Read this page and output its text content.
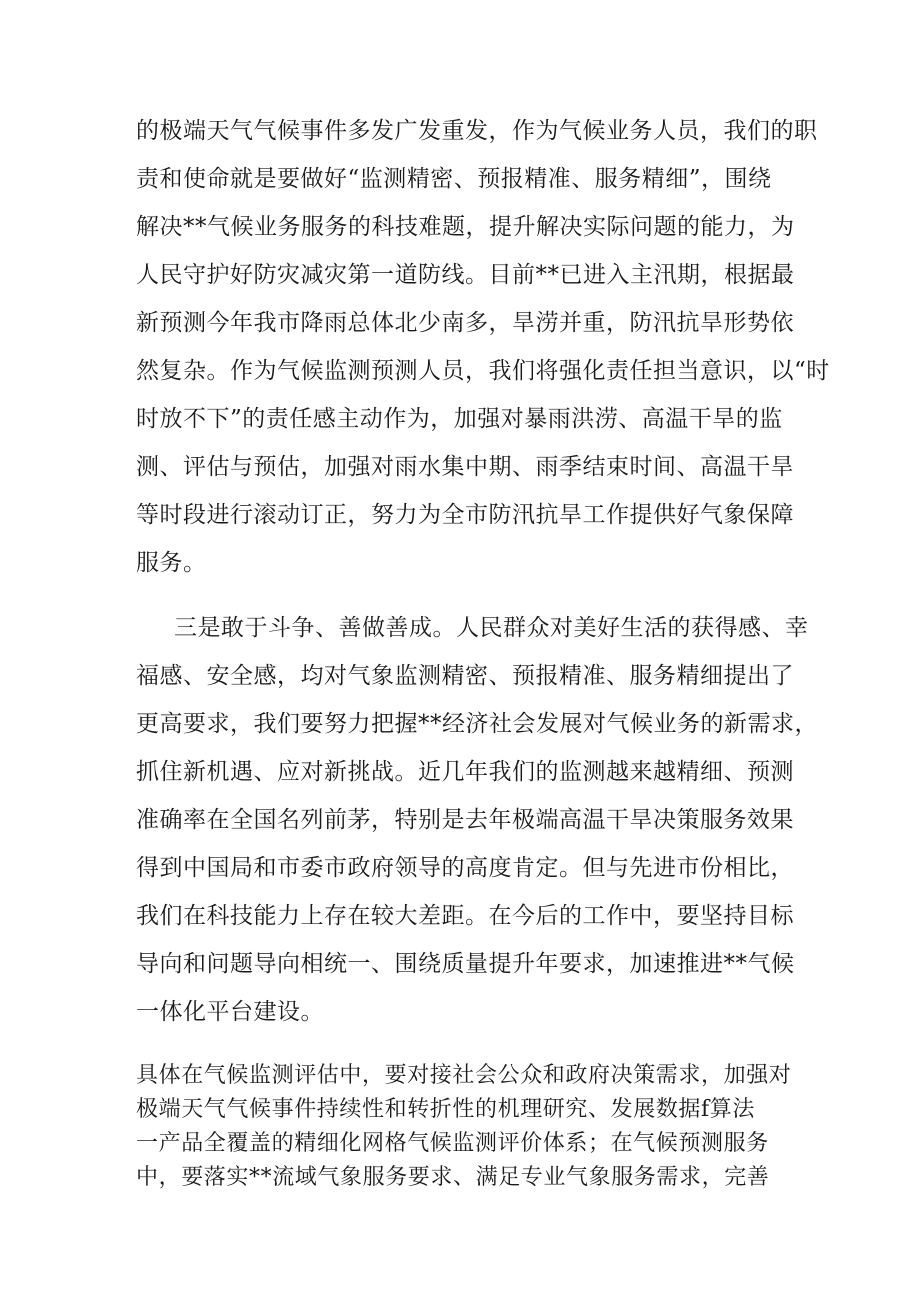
的极端天气气候事件多发广发重发，作为气候业务人员，我们的职

责和使命就是要做好“监测精密、预报精准、服务精细”，围绕

解决**气候业务服务的科技难题，提升解决实际问题的能力，为

人民守护好防灾减灾第一道防线。目前**已进入主汛期，根据最

新预测今年我市降雨总体北少南多，旱涝并重，防汛抗旱形势依

然复杂。作为气候监测预测人员，我们将强化责任担当意识，以“时

时放不下”的责任感主动作为，加强对暴雨洪涝、高温干旱的监

测、评估与预估，加强对雨水集中期、雨季结束时间、高温干旱

等时段进行滚动订正，努力为全市防汛抗旱工作提供好气象保障

服务。

三是敢于斗争、善做善成。人民群众对美好生活的获得感、幸

福感、安全感，均对气象监测精密、预报精准、服务精细提出了

更高要求，我们要努力把握**经济社会发展对气候业务的新需求，

抓住新机遇、应对新挑战。近几年我们的监测越来越精细、预测

准确率在全国名列前茅，特别是去年极端高温干旱决策服务效果

得到中国局和市委市政府领导的高度肯定。但与先进市份相比，

我们在科技能力上存在较大差距。在今后的工作中，要坚持目标

导向和问题导向相统一、围绕质量提升年要求，加速推进**气候

一体化平台建设。

具体在气候监测评估中，要对接社会公众和政府决策需求，加强对

极端天气气候事件持续性和转折性的机理研究、发展数据f算法

一产品全覆盖的精细化网格气候监测评价体系；在气候预测服务

中，要落实**流域气象服务要求、满足专业气象服务需求，完善
